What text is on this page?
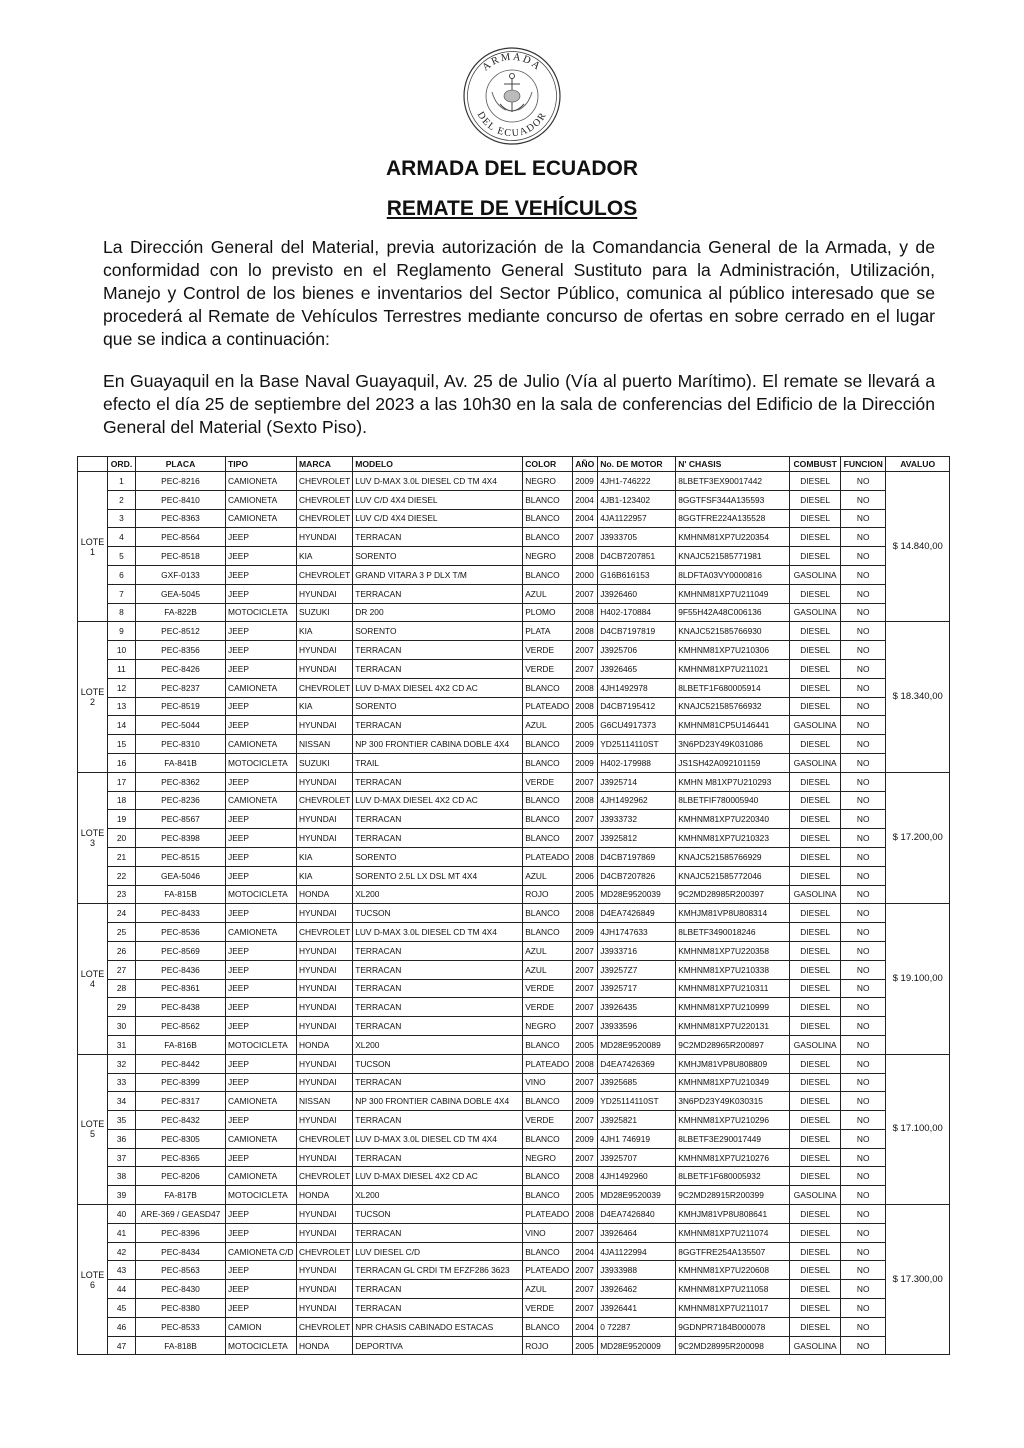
ARMADA
DEL ECUADOR
ARMADA DEL ECUADOR
REMATE DE VEHÍCULOS

La Dirección General del Material, previa autorización de la Comandancia General de la Armada, y de conformidad con lo previsto en el Reglamento General Sustituto para la Administración, Utilización, Manejo y Control de los bienes e inventarios del Sector Público, comunica al público interesado que se procederá al Remate de Vehículos Terrestres mediante concurso de ofertas en sobre cerrado en el lugar que se indica a continuación:

En Guayaquil en la Base Naval Guayaquil, Av. 25 de Julio (Vía al puerto Marítimo). El remate se llevará a efecto el día 25 de septiembre del 2023 a las 10h30 en la sala de conferencias del Edificio de la Dirección General del Material (Sexto Piso).

	ORD.	PLACA	TIPO	MARCA	MODELO	COLOR	AÑO	No. DE MOTOR	N' CHASIS	COMBUST	FUNCION	AVALUO
LOTE
1	1	PEC-8216	CAMIONETA	CHEVROLET	LUV D-MAX 3.0L DIESEL CD TM 4X4	NEGRO	2009	4JH1-746222	8LBETF3EX90017442	DIESEL	NO	$ 14.840,00
	2	PEC-8410	CAMIONETA	CHEVROLET	LUV C/D 4X4 DIESEL	BLANCO	2004	4JB1-123402	8GGTFSF344A135593	DIESEL	NO	
	3	PEC-8363	CAMIONETA	CHEVROLET	LUV C/D 4X4 DIESEL	BLANCO	2004	4JA1122957	8GGTFRE224A135528	DIESEL	NO	
	4	PEC-8564	JEEP	HYUNDAI	TERRACAN	BLANCO	2007	J3933705	KMHNM81XP7U220354	DIESEL	NO	
	5	PEC-8518	JEEP	KIA	SORENTO	NEGRO	2008	D4CB7207851	KNAJC521585771981	DIESEL	NO	
	6	GXF-0133	JEEP	CHEVROLET	GRAND VITARA 3 P DLX T/M	BLANCO	2000	G16B616153	8LDFTA03VY0000816	GASOLINA	NO	
	7	GEA-5045	JEEP	HYUNDAI	TERRACAN	AZUL	2007	J3926460	KMHNM81XP7U211049	DIESEL	NO	
	8	FA-822B	MOTOCICLETA	SUZUKI	DR 200	PLOMO	2008	H402-170884	9F55H42A48C006136	GASOLINA	NO	
LOTE
2	9	PEC-8512	JEEP	KIA	SORENTO	PLATA	2008	D4CB7197819	KNAJC521585766930	DIESEL	NO	$ 18.340,00
	10	PEC-8356	JEEP	HYUNDAI	TERRACAN	VERDE	2007	J3925706	KMHNM81XP7U210306	DIESEL	NO	
	11	PEC-8426	JEEP	HYUNDAI	TERRACAN	VERDE	2007	J3926465	KMHNM81XP7U211021	DIESEL	NO	
	12	PEC-8237	CAMIONETA	CHEVROLET	LUV D-MAX DIESEL 4X2 CD AC	BLANCO	2008	4JH1492978	8LBETF1F680005914	DIESEL	NO	
	13	PEC-8519	JEEP	KIA	SORENTO	PLATEADO	2008	D4CB7195412	KNAJC521585766932	DIESEL	NO	
	14	PEC-5044	JEEP	HYUNDAI	TERRACAN	AZUL	2005	G6CU4917373	KMHNM81CP5U146441	GASOLINA	NO	
	15	PEC-8310	CAMIONETA	NISSAN	NP 300 FRONTIER CABINA DOBLE 4X4	BLANCO	2009	YD25114110ST	3N6PD23Y49K031086	DIESEL	NO	
	16	FA-841B	MOTOCICLETA	SUZUKI	TRAIL	BLANCO	2009	H402-179988	JS1SH42A092101159	GASOLINA	NO	
LOTE
3	17	PEC-8362	JEEP	HYUNDAI	TERRACAN	VERDE	2007	J3925714	KMHN M81XP7U210293	DIESEL	NO	$ 17.200,00
	18	PEC-8236	CAMIONETA	CHEVROLET	LUV D-MAX DIESEL 4X2 CD AC	BLANCO	2008	4JH1492962	8LBETFIF780005940	DIESEL	NO	
	19	PEC-8567	JEEP	HYUNDAI	TERRACAN	BLANCO	2007	J3933732	KMHNM81XP7U220340	DIESEL	NO	
	20	PEC-8398	JEEP	HYUNDAI	TERRACAN	BLANCO	2007	J3925812	KMHNM81XP7U210323	DIESEL	NO	
	21	PEC-8515	JEEP	KIA	SORENTO	PLATEADO	2008	D4CB7197869	KNAJC521585766929	DIESEL	NO	
	22	GEA-5046	JEEP	KIA	SORENTO 2.5L LX DSL MT 4X4	AZUL	2006	D4CB7207826	KNAJC521585772046	DIESEL	NO	
	23	FA-815B	MOTOCICLETA	HONDA	XL200	ROJO	2005	MD28E9520039	9C2MD28985R200397	GASOLINA	NO	
LOTE
4	24	PEC-8433	JEEP	HYUNDAI	TUCSON	BLANCO	2008	D4EA7426849	KMHJM81VP8U808314	DIESEL	NO	$ 19.100,00
	25	PEC-8536	CAMIONETA	CHEVROLET	LUV D-MAX 3.0L DIESEL CD TM 4X4	BLANCO	2009	4JH1747633	8LBETF3490018246	DIESEL	NO	
	26	PEC-8569	JEEP	HYUNDAI	TERRACAN	AZUL	2007	J3933716	KMHNM81XP7U220358	DIESEL	NO	
	27	PEC-8436	JEEP	HYUNDAI	TERRACAN	AZUL	2007	J39257Z7	KMHNM81XP7U210338	DIESEL	NO	
	28	PEC-8361	JEEP	HYUNDAI	TERRACAN	VERDE	2007	J3925717	KMHNM81XP7U210311	DIESEL	NO	
	29	PEC-8438	JEEP	HYUNDAI	TERRACAN	VERDE	2007	J3926435	KMHNM81XP7U210999	DIESEL	NO	
	30	PEC-8562	JEEP	HYUNDAI	TERRACAN	NEGRO	2007	J3933596	KMHNM81XP7U220131	DIESEL	NO	
	31	FA-816B	MOTOCICLETA	HONDA	XL200	BLANCO	2005	MD28E9520089	9C2MD28965R200897	GASOLINA	NO	
LOTE
5	32	PEC-8442	JEEP	HYUNDAI	TUCSON	PLATEADO	2008	D4EA7426369	KMHJM81VP8U808809	DIESEL	NO	$ 17.100,00
	33	PEC-8399	JEEP	HYUNDAI	TERRACAN	VINO	2007	J3925685	KMHNM81XP7U210349	DIESEL	NO	
	34	PEC-8317	CAMIONETA	NISSAN	NP 300 FRONTIER CABINA DOBLE 4X4	BLANCO	2009	YD25114110ST	3N6PD23Y49K030315	DIESEL	NO	
	35	PEC-8432	JEEP	HYUNDAI	TERRACAN	VERDE	2007	J3925821	KMHNM81XP7U210296	DIESEL	NO	
	36	PEC-8305	CAMIONETA	CHEVROLET	LUV D-MAX 3.0L DIESEL CD TM 4X4	BLANCO	2009	4JH1 746919	8LBETF3E290017449	DIESEL	NO	
	37	PEC-8365	JEEP	HYUNDAI	TERRACAN	NEGRO	2007	J3925707	KMHNM81XP7U210276	DIESEL	NO	
	38	PEC-8206	CAMIONETA	CHEVROLET	LUV D-MAX DIESEL 4X2 CD AC	BLANCO	2008	4JH1492960	8LBETF1F680005932	DIESEL	NO	
	39	FA-817B	MOTOCICLETA	HONDA	XL200	BLANCO	2005	MD28E9520039	9C2MD28915R200399	GASOLINA	NO	
LOTE
6	40	ARE-369 / GEASD47	JEEP	HYUNDAI	TUCSON	PLATEADO	2008	D4EA7426840	KMHJM81VP8U808641	DIESEL	NO	$ 17.300,00
	41	PEC-8396	JEEP	HYUNDAI	TERRACAN	VINO	2007	J3926464	KMHNM81XP7U211074	DIESEL	NO	
	42	PEC-8434	CAMIONETA C/D	CHEVROLET	LUV DIESEL C/D	BLANCO	2004	4JA1122994	8GGTFRE254A135507	DIESEL	NO	
	43	PEC-8563	JEEP	HYUNDAI	TERRACAN GL CRDI TM EFZF286 3623	PLATEADO	2007	J3933988	KMHNM81XP7U220608	DIESEL	NO	
	44	PEC-8430	JEEP	HYUNDAI	TERRACAN	AZUL	2007	J3926462	KMHNM81XP7U211058	DIESEL	NO	
	45	PEC-8380	JEEP	HYUNDAI	TERRACAN	VERDE	2007	J3926441	KMHNM81XP7U211017	DIESEL	NO	
	46	PEC-8533	CAMION	CHEVROLET	NPR CHASIS CABINADO ESTACAS	BLANCO	2004	0 72287	9GDNPR7184B000078	DIESEL	NO	
	47	FA-818B	MOTOCICLETA	HONDA	DEPORTIVA	ROJO	2005	MD28E9520009	9C2MD28995R200098	GASOLINA	NO	
